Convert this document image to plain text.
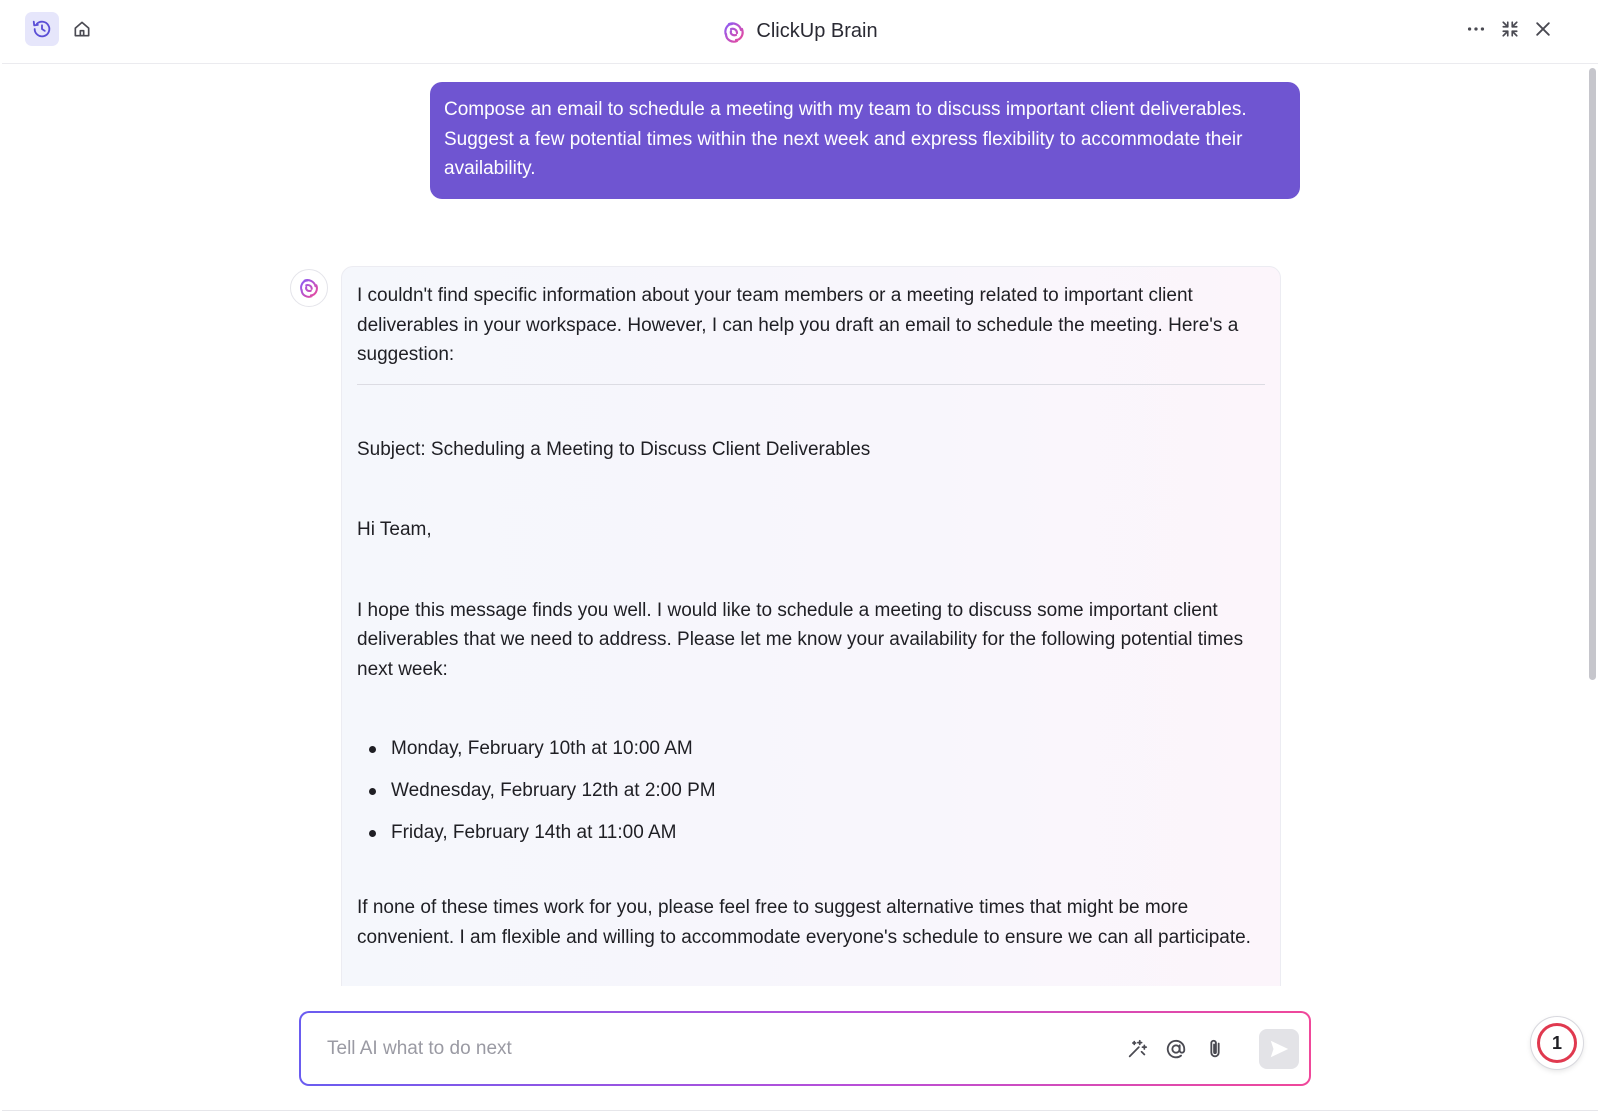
ClickUp Brain
Compose an email to schedule a meeting with my team to discuss important client deliverables. Suggest a few potential times within the next week and express flexibility to accommodate their availability.

I couldn't find specific information about your team members or a meeting related to important client deliverables in your workspace. However, I can help you draft an email to schedule the meeting. Here's a suggestion:

Subject: Scheduling a Meeting to Discuss Client Deliverables

Hi Team,

I hope this message finds you well. I would like to schedule a meeting to discuss some important client deliverables that we need to address. Please let me know your availability for the following potential times next week:

Monday, February 10th at 10:00 AM
Wednesday, February 12th at 2:00 PM
Friday, February 14th at 11:00 AM

If none of these times work for you, please feel free to suggest alternative times that might be more convenient. I am flexible and willing to accommodate everyone's schedule to ensure we can all participate.

Tell AI what to do next
1
